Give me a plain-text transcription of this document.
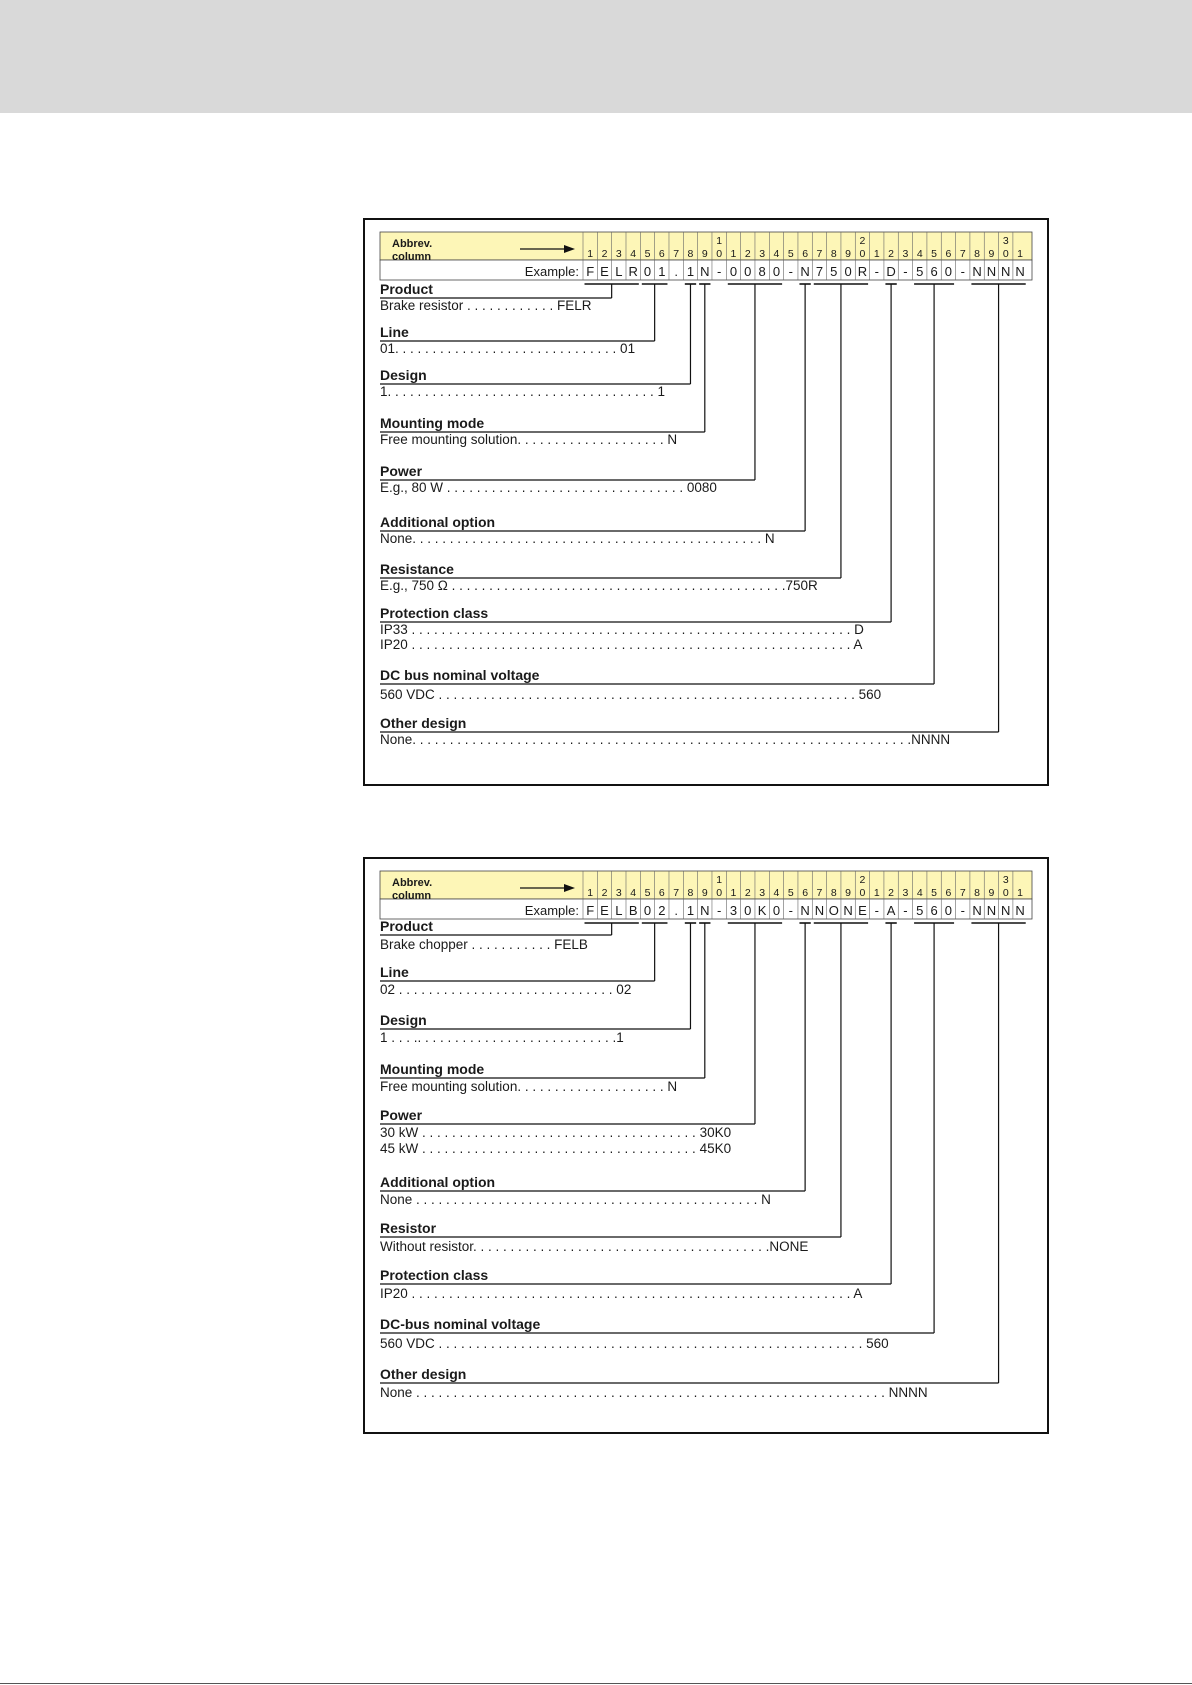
Abbrev.
column	1
F
2
E
3
L
4
R
5
0
6
1
7
.
8
1
9
N
1
0
-
1
0
2
0
3
8
4
0
5
-
6
N
7
7
8
5
9
0
2
0
R
1
-
2
D
3
-
4
5
5
6
6
0
7
-
8
N
9
N
3
0
N
1
N
Example:
Product
Brake resistor . . . . . . . . . . . . FELR
Line
01. . . . . . . . . . . . . . . . . . . . . . . . . . . . . . 01
Design
1. . . . . . . . . . . . . . . . . . . . . . . . . . . . . . . . . . . . 1
Mounting mode
Free mounting solution. . . . . . . . . . . . . . . . . . . . N
Power
E.g., 80 W . . . . . . . . . . . . . . . . . . . . . . . . . . . . . . . . 0080
Additional option
None. . . . . . . . . . . . . . . . . . . . . . . . . . . . . . . . . . . . . . . . . . . . . . . N
Resistance
E.g., 750 Ω . . . . . . . . . . . . . . . . . . . . . . . . . . . . . . . . . . . . . . . . . . . . .750R
Protection class
IP33 . . . . . . . . . . . . . . . . . . . . . . . . . . . . . . . . . . . . . . . . . . . . . . . . . . . . . . . . . . . D
IP20 . . . . . . . . . . . . . . . . . . . . . . . . . . . . . . . . . . . . . . . . . . . . . . . . . . . . . . . . . . . A
DC bus nominal voltage
560 VDC . . . . . . . . . . . . . . . . . . . . . . . . . . . . . . . . . . . . . . . . . . . . . . . . . . . . . . . . 560
Other design
None. . . . . . . . . . . . . . . . . . . . . . . . . . . . . . . . . . . . . . . . . . . . . . . . . . . . . . . . . . . . . . . . . . .NNNN
Abbrev.
column	1
F
2
E
3
L
4
B
5
0
6
2
7
.
8
1
9
N
1
0
-
1
3
2
0
3
K
4
0
5
-
6
N
7
N
8
O
9
N
2
0
E
1
-
2
A
3
-
4
5
5
6
6
0
7
-
8
N
9
N
3
0
N
1
N
Example:
Product
Brake chopper . . . . . . . . . . . FELB
Line
02 . . . . . . . . . . . . . . . . . . . . . . . . . . . . . 02
Design
1 . . . .. . . . . . . . . . . . . . . . . . . . . . . . . . .1
Mounting mode
Free mounting solution. . . . . . . . . . . . . . . . . . . . N
Power
30 kW . . . . . . . . . . . . . . . . . . . . . . . . . . . . . . . . . . . . . 30K0
45 kW . . . . . . . . . . . . . . . . . . . . . . . . . . . . . . . . . . . . . 45K0
Additional option
None . . . . . . . . . . . . . . . . . . . . . . . . . . . . . . . . . . . . . . . . . . . . . . N
Resistor
Without resistor. . . . . . . . . . . . . . . . . . . . . . . . . . . . . . . . . . . . . . . .NONE
Protection class
IP20 . . . . . . . . . . . . . . . . . . . . . . . . . . . . . . . . . . . . . . . . . . . . . . . . . . . . . . . . . . . A
DC-bus nominal voltage
560 VDC . . . . . . . . . . . . . . . . . . . . . . . . . . . . . . . . . . . . . . . . . . . . . . . . . . . . . . . . . 560
Other design
None . . . . . . . . . . . . . . . . . . . . . . . . . . . . . . . . . . . . . . . . . . . . . . . . . . . . . . . . . . . . . . . NNNN
